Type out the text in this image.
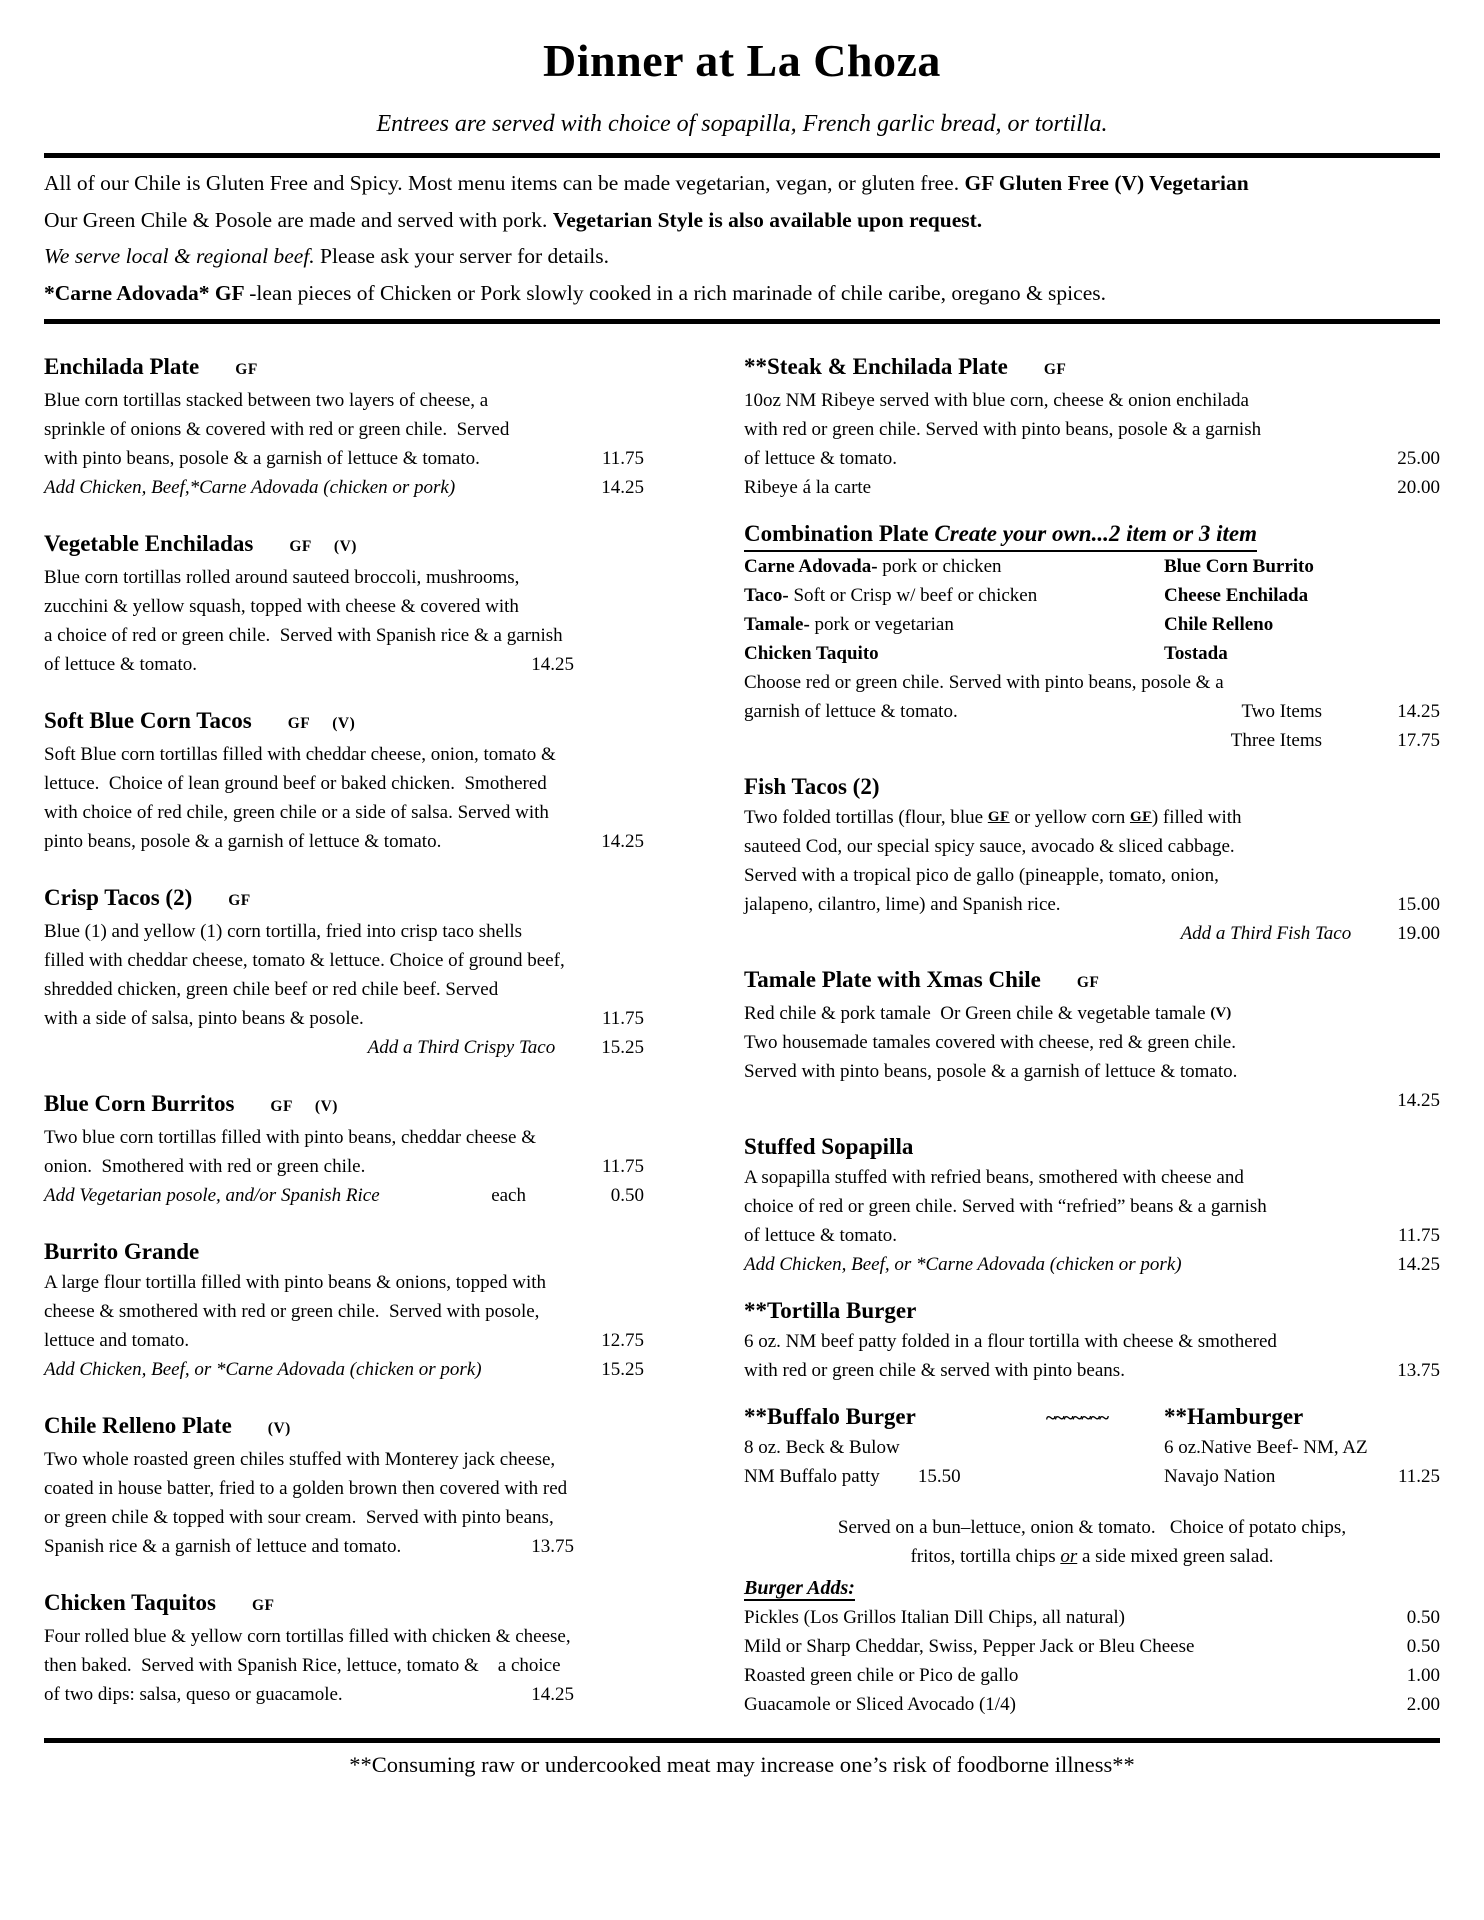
Dinner at La Choza
Entrees are served with choice of sopapilla, French garlic bread, or tortilla.
All of our Chile is Gluten Free and Spicy. Most menu items can be made vegetarian, vegan, or gluten free. GF Gluten Free (V) Vegetarian
Our Green Chile & Posole are made and served with pork. Vegetarian Style is also available upon request.
We serve local & regional beef. Please ask your server for details.
*Carne Adovada* GF -lean pieces of Chicken or Pork slowly cooked in a rich marinade of chile caribe, oregano & spices.
Enchilada Plate GF
Blue corn tortillas stacked between two layers of cheese, a
sprinkle of onions & covered with red or green chile.  Served
with pinto beans, posole & a garnish of lettuce & tomato.	11.75
Add Chicken, Beef,*Carne Adovada (chicken or pork)	14.25
Vegetable Enchiladas GF (V)
Blue corn tortillas rolled around sauteed broccoli, mushrooms,
zucchini & yellow squash, topped with cheese & covered with
a choice of red or green chile.  Served with Spanish rice & a garnish
of lettuce & tomato.	14.25
Soft Blue Corn Tacos GF (V)
Soft Blue corn tortillas filled with cheddar cheese, onion, tomato &
lettuce.  Choice of lean ground beef or baked chicken.  Smothered
with choice of red chile, green chile or a side of salsa. Served with
pinto beans, posole & a garnish of lettuce & tomato.	14.25
Crisp Tacos (2) GF
Blue (1) and yellow (1) corn tortilla, fried into crisp taco shells
filled with cheddar cheese, tomato & lettuce. Choice of ground beef,
shredded chicken, green chile beef or red chile beef. Served
with a side of salsa, pinto beans & posole.	11.75
Add a Third Crispy Taco 15.25
Blue Corn Burritos GF (V)
Two blue corn tortillas filled with pinto beans, cheddar cheese &
onion.  Smothered with red or green chile.	11.75
Add Vegetarian posole, and/or Spanish Rice	each	0.50
Burrito Grande
A large flour tortilla filled with pinto beans & onions, topped with
cheese & smothered with red or green chile.  Served with posole,
lettuce and tomato.	12.75
Add Chicken, Beef, or *Carne Adovada (chicken or pork)	15.25
Chile Relleno Plate (V)
Two whole roasted green chiles stuffed with Monterey jack cheese,
coated in house batter, fried to a golden brown then covered with red
or green chile & topped with sour cream.  Served with pinto beans,
Spanish rice & a garnish of lettuce and tomato.	13.75
Chicken Taquitos GF
Four rolled blue & yellow corn tortillas filled with chicken & cheese,
then baked.  Served with Spanish Rice, lettuce, tomato &    a choice
of two dips: salsa, queso or guacamole.	14.25
**Steak & Enchilada Plate GF
10oz NM Ribeye served with blue corn, cheese & onion enchilada
with red or green chile. Served with pinto beans, posole & a garnish
of lettuce & tomato.	25.00
Ribeye á la carte	20.00
Combination Plate Create your own...2 item or 3 item
Carne Adovada- pork or chicken	Blue Corn Burrito
Taco- Soft or Crisp w/ beef or chicken	Cheese Enchilada
Tamale- pork or vegetarian	Chile Relleno
Chicken Taquito	Tostada
Choose red or green chile. Served with pinto beans, posole & a
garnish of lettuce & tomato.	Two Items	14.25
Three Items	17.75
Fish Tacos (2)
Two folded tortillas (flour, blue GF or yellow corn GF ) filled with
sauteed Cod, our special spicy sauce, avocado & sliced cabbage.
Served with a tropical pico de gallo (pineapple, tomato, onion,
jalapeno, cilantro, lime) and Spanish rice.	15.00
Add a Third Fish Taco 19.00
Tamale Plate with Xmas Chile GF
Red chile & pork tamale  Or Green chile & vegetable tamale (V)
Two housemade tamales covered with cheese, red & green chile.
Served with pinto beans, posole & a garnish of lettuce & tomato.
14.25
Stuffed Sopapilla
A sopapilla stuffed with refried beans, smothered with cheese and
choice of red or green chile. Served with “refried” beans & a garnish
of lettuce & tomato.	11.75
Add Chicken, Beef, or *Carne Adovada (chicken or pork)	14.25
**Tortilla Burger
6 oz. NM beef patty folded in a flour tortilla with cheese & smothered
with red or green chile & served with pinto beans.	13.75
**Buffalo Burger	~~~~~~~ **Hamburger
8 oz. Beck & Bulow
NM Buffalo patty 15.50
6 oz.Native Beef- NM, AZ
Navajo Nation	11.25
Served on a bun–lettuce, onion & tomato.   Choice of potato chips,
fritos, tortilla chips or a side mixed green salad.
Burger Adds:
Pickles (Los Grillos Italian Dill Chips, all natural)	0.50
Mild or Sharp Cheddar, Swiss, Pepper Jack or Bleu Cheese	0.50
Roasted green chile or Pico de gallo	1.00
Guacamole or Sliced Avocado (1/4)	2.00
**Consuming raw or undercooked meat may increase one’s risk of foodborne illness**
